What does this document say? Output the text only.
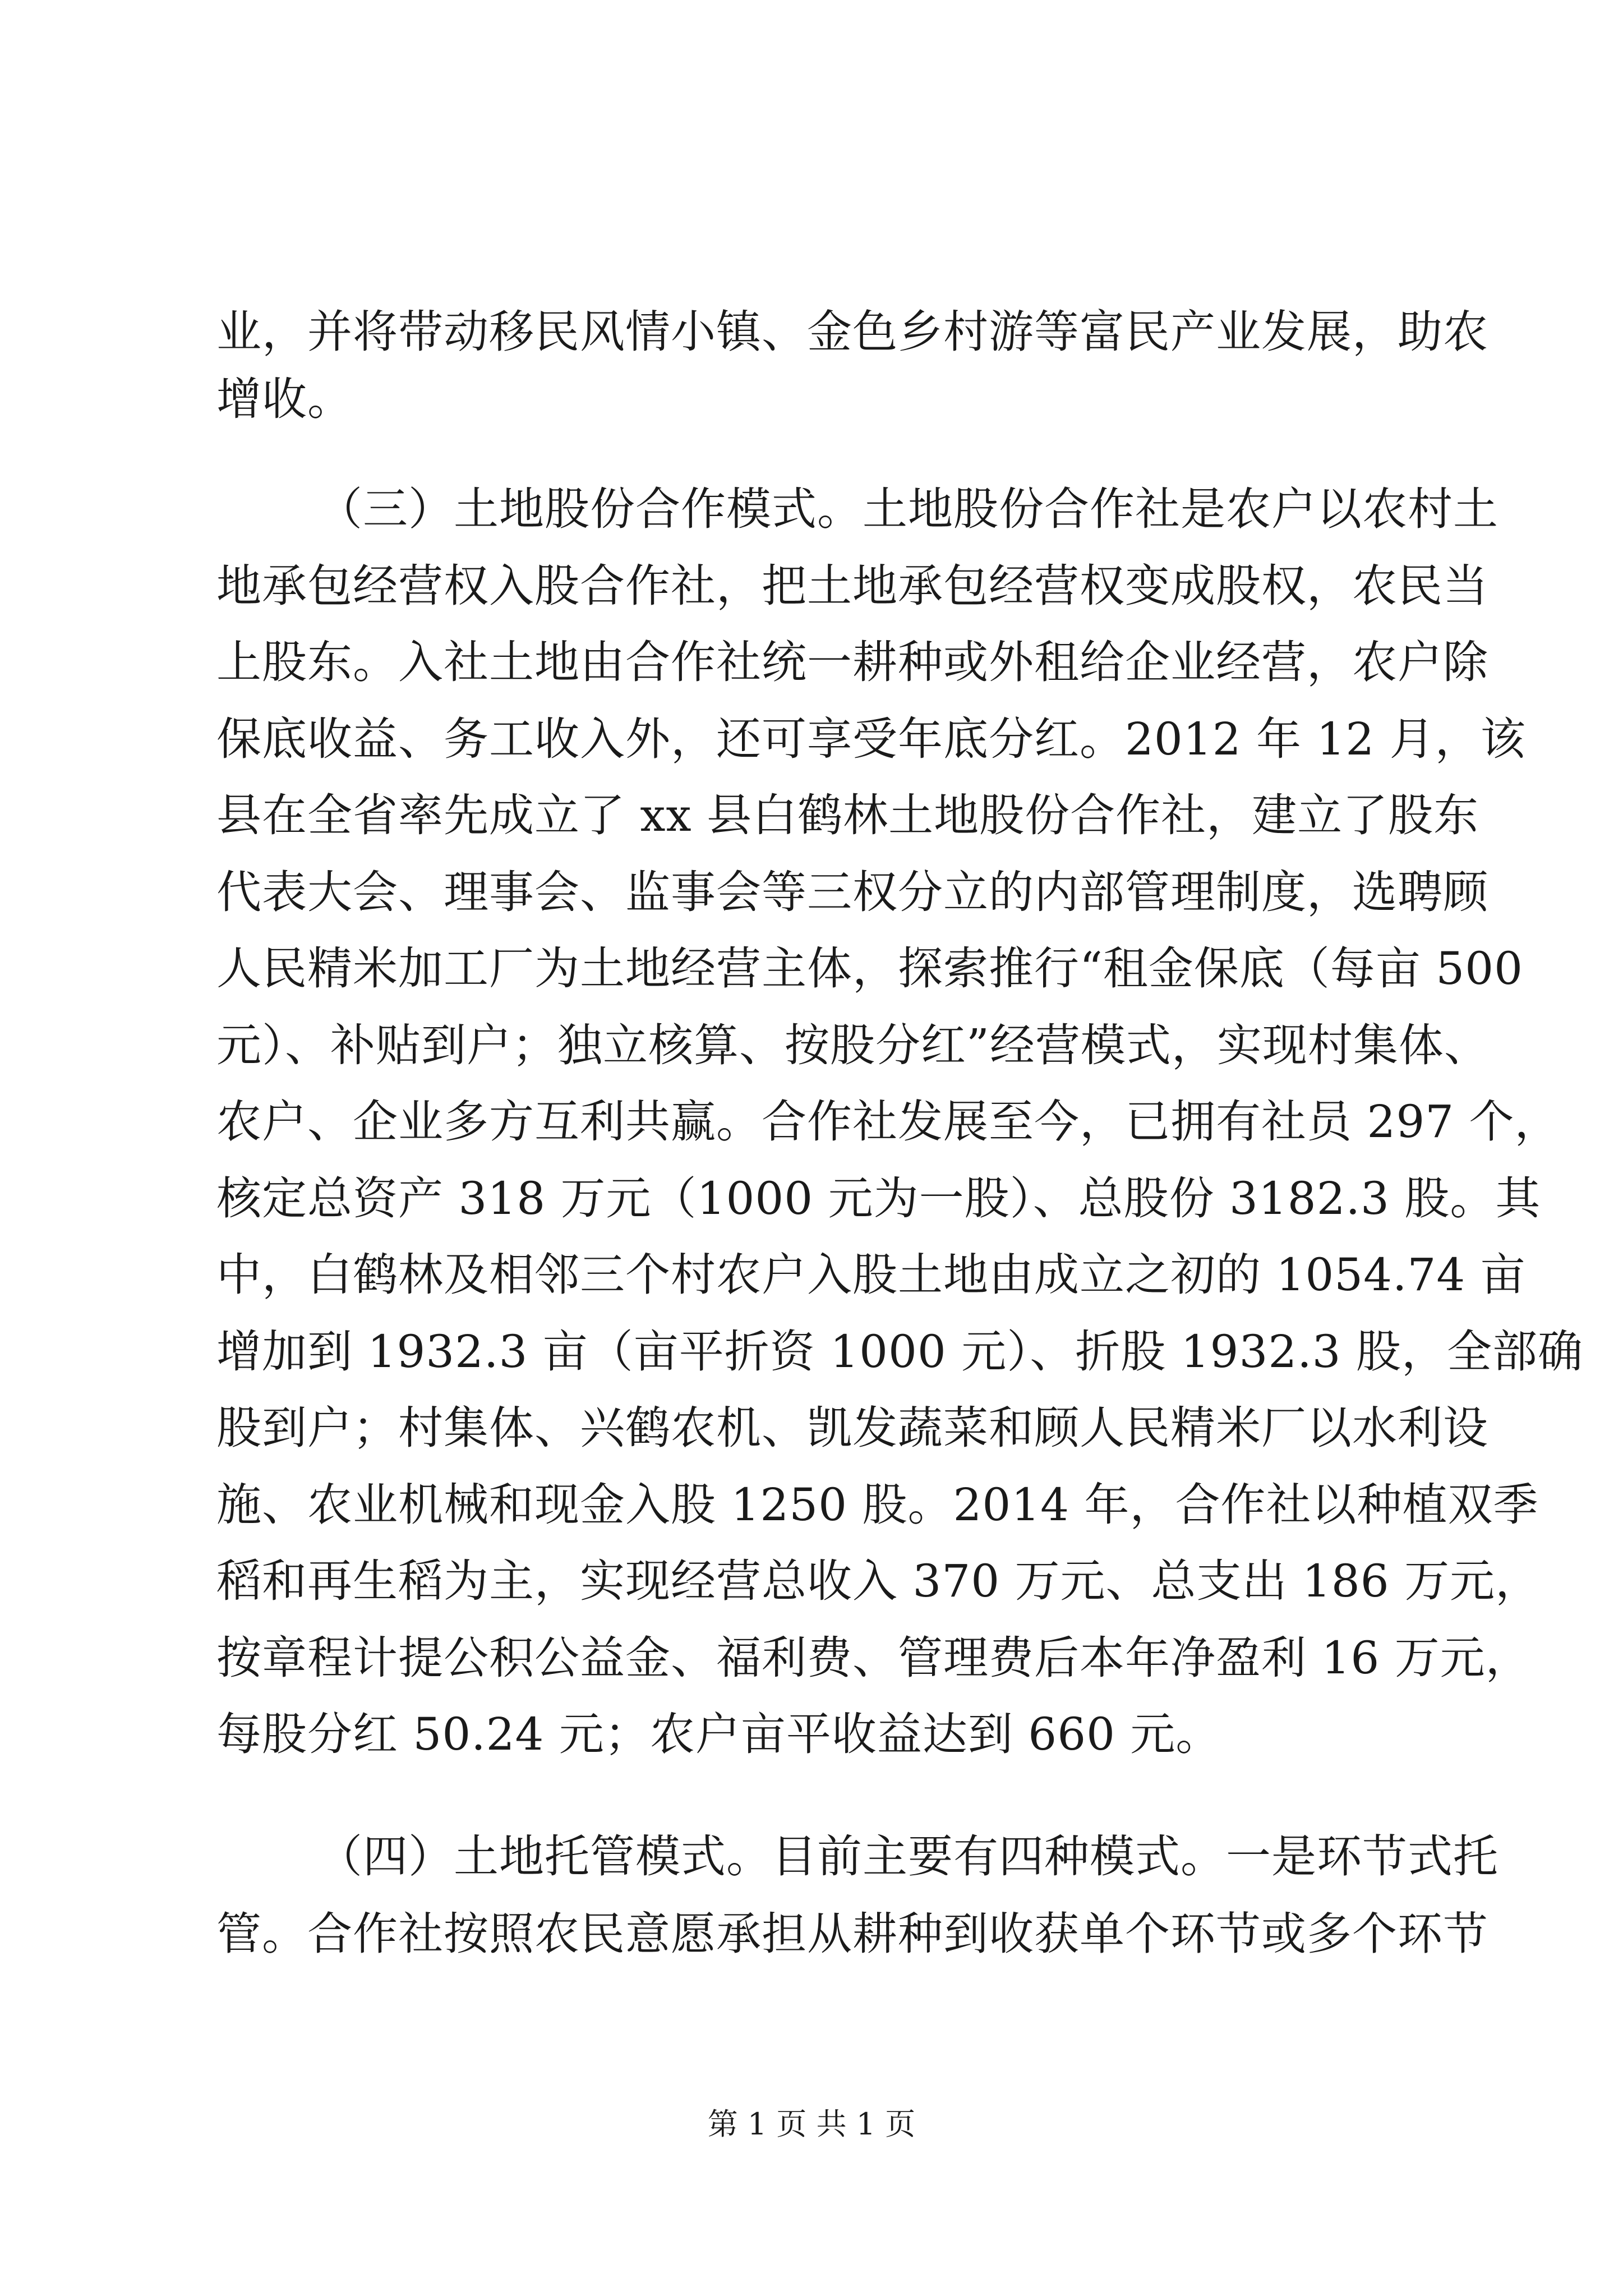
业，并将带动移民风情小镇、金色乡村游等富民产业发展，助农
增收。
（三）土地股份合作模式。土地股份合作社是农户以农村土
地承包经营权入股合作社，把土地承包经营权变成股权，农民当
上股东。入社土地由合作社统一耕种或外租给企业经营，农户除
保底收益、务工收入外，还可享受年底分红。2012 年 12 月，该
县在全省率先成立了 xx 县白鹤林土地股份合作社，建立了股东
代表大会、理事会、监事会等三权分立的内部管理制度，选聘顾
人民精米加工厂为土地经营主体，探索推行“租金保底（每亩 500
元）、补贴到户；独立核算、按股分红”经营模式，实现村集体、
农户、企业多方互利共赢。合作社发展至今，已拥有社员 297 个，
核定总资产 318 万元（1000 元为一股）、总股份 3182.3 股。其
中，白鹤林及相邻三个村农户入股土地由成立之初的 1054.74 亩
增加到 1932.3 亩（亩平折资 1000 元）、折股 1932.3 股，全部确
股到户；村集体、兴鹤农机、凯发蔬菜和顾人民精米厂以水利设
施、农业机械和现金入股 1250 股。2014 年，合作社以种植双季
稻和再生稻为主，实现经营总收入 370 万元、总支出 186 万元，
按章程计提公积公益金、福利费、管理费后本年净盈利 16 万元，
每股分红 50.24 元；农户亩平收益达到 660 元。
（四）土地托管模式。目前主要有四种模式。一是环节式托
管。合作社按照农民意愿承担从耕种到收获单个环节或多个环节
第 1 页 共 1 页
